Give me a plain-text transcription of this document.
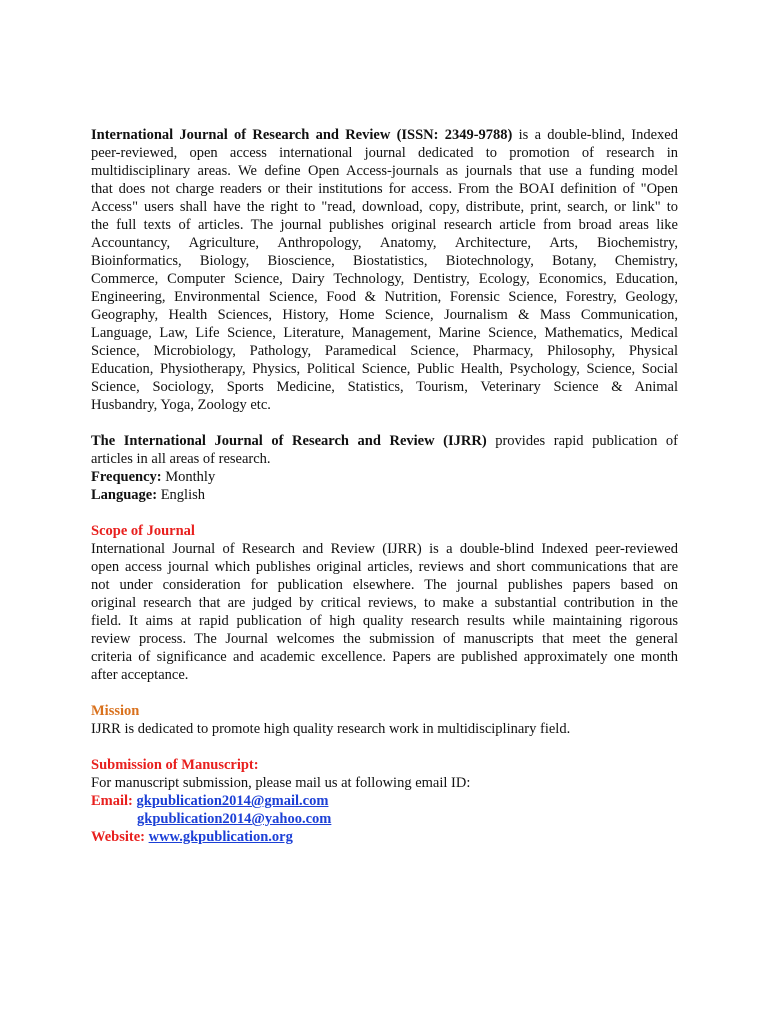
International Journal of Research and Review (ISSN: 2349-9788) is a double-blind, Indexed
peer-reviewed, open access international journal dedicated to promotion of research in
multidisciplinary areas. We define Open Access-journals as journals that use a funding model
that does not charge readers or their institutions for access. From the BOAI definition of "Open
Access" users shall have the right to "read, download, copy, distribute, print, search, or link" to
the full texts of articles. The journal publishes original research article from broad areas like
Accountancy, Agriculture, Anthropology, Anatomy, Architecture, Arts, Biochemistry,
Bioinformatics, Biology, Bioscience, Biostatistics, Biotechnology, Botany, Chemistry,
Commerce, Computer Science, Dairy Technology, Dentistry, Ecology, Economics, Education,
Engineering, Environmental Science, Food & Nutrition, Forensic Science, Forestry, Geology,
Geography, Health Sciences, History, Home Science, Journalism & Mass Communication,
Language, Law, Life Science, Literature, Management, Marine Science, Mathematics, Medical
Science, Microbiology, Pathology, Paramedical Science, Pharmacy, Philosophy, Physical
Education, Physiotherapy, Physics, Political Science, Public Health, Psychology, Science, Social
Science, Sociology, Sports Medicine, Statistics, Tourism, Veterinary Science & Animal
Husbandry, Yoga, Zoology etc.
The International Journal of Research and Review (IJRR) provides rapid publication of
articles in all areas of research.
Frequency: Monthly
Language: English
Scope of Journal
International Journal of Research and Review (IJRR) is a double-blind Indexed peer-reviewed
open access journal which publishes original articles, reviews and short communications that are
not under consideration for publication elsewhere. The journal publishes papers based on
original research that are judged by critical reviews, to make a substantial contribution in the
field. It aims at rapid publication of high quality research results while maintaining rigorous
review process. The Journal welcomes the submission of manuscripts that meet the general
criteria of significance and academic excellence. Papers are published approximately one month
after acceptance.
Mission
IJRR is dedicated to promote high quality research work in multidisciplinary field.
Submission of Manuscript:
For manuscript submission, please mail us at following email ID:
Email: gkpublication2014@gmail.com
gkpublication2014@yahoo.com
Website: www.gkpublication.org
